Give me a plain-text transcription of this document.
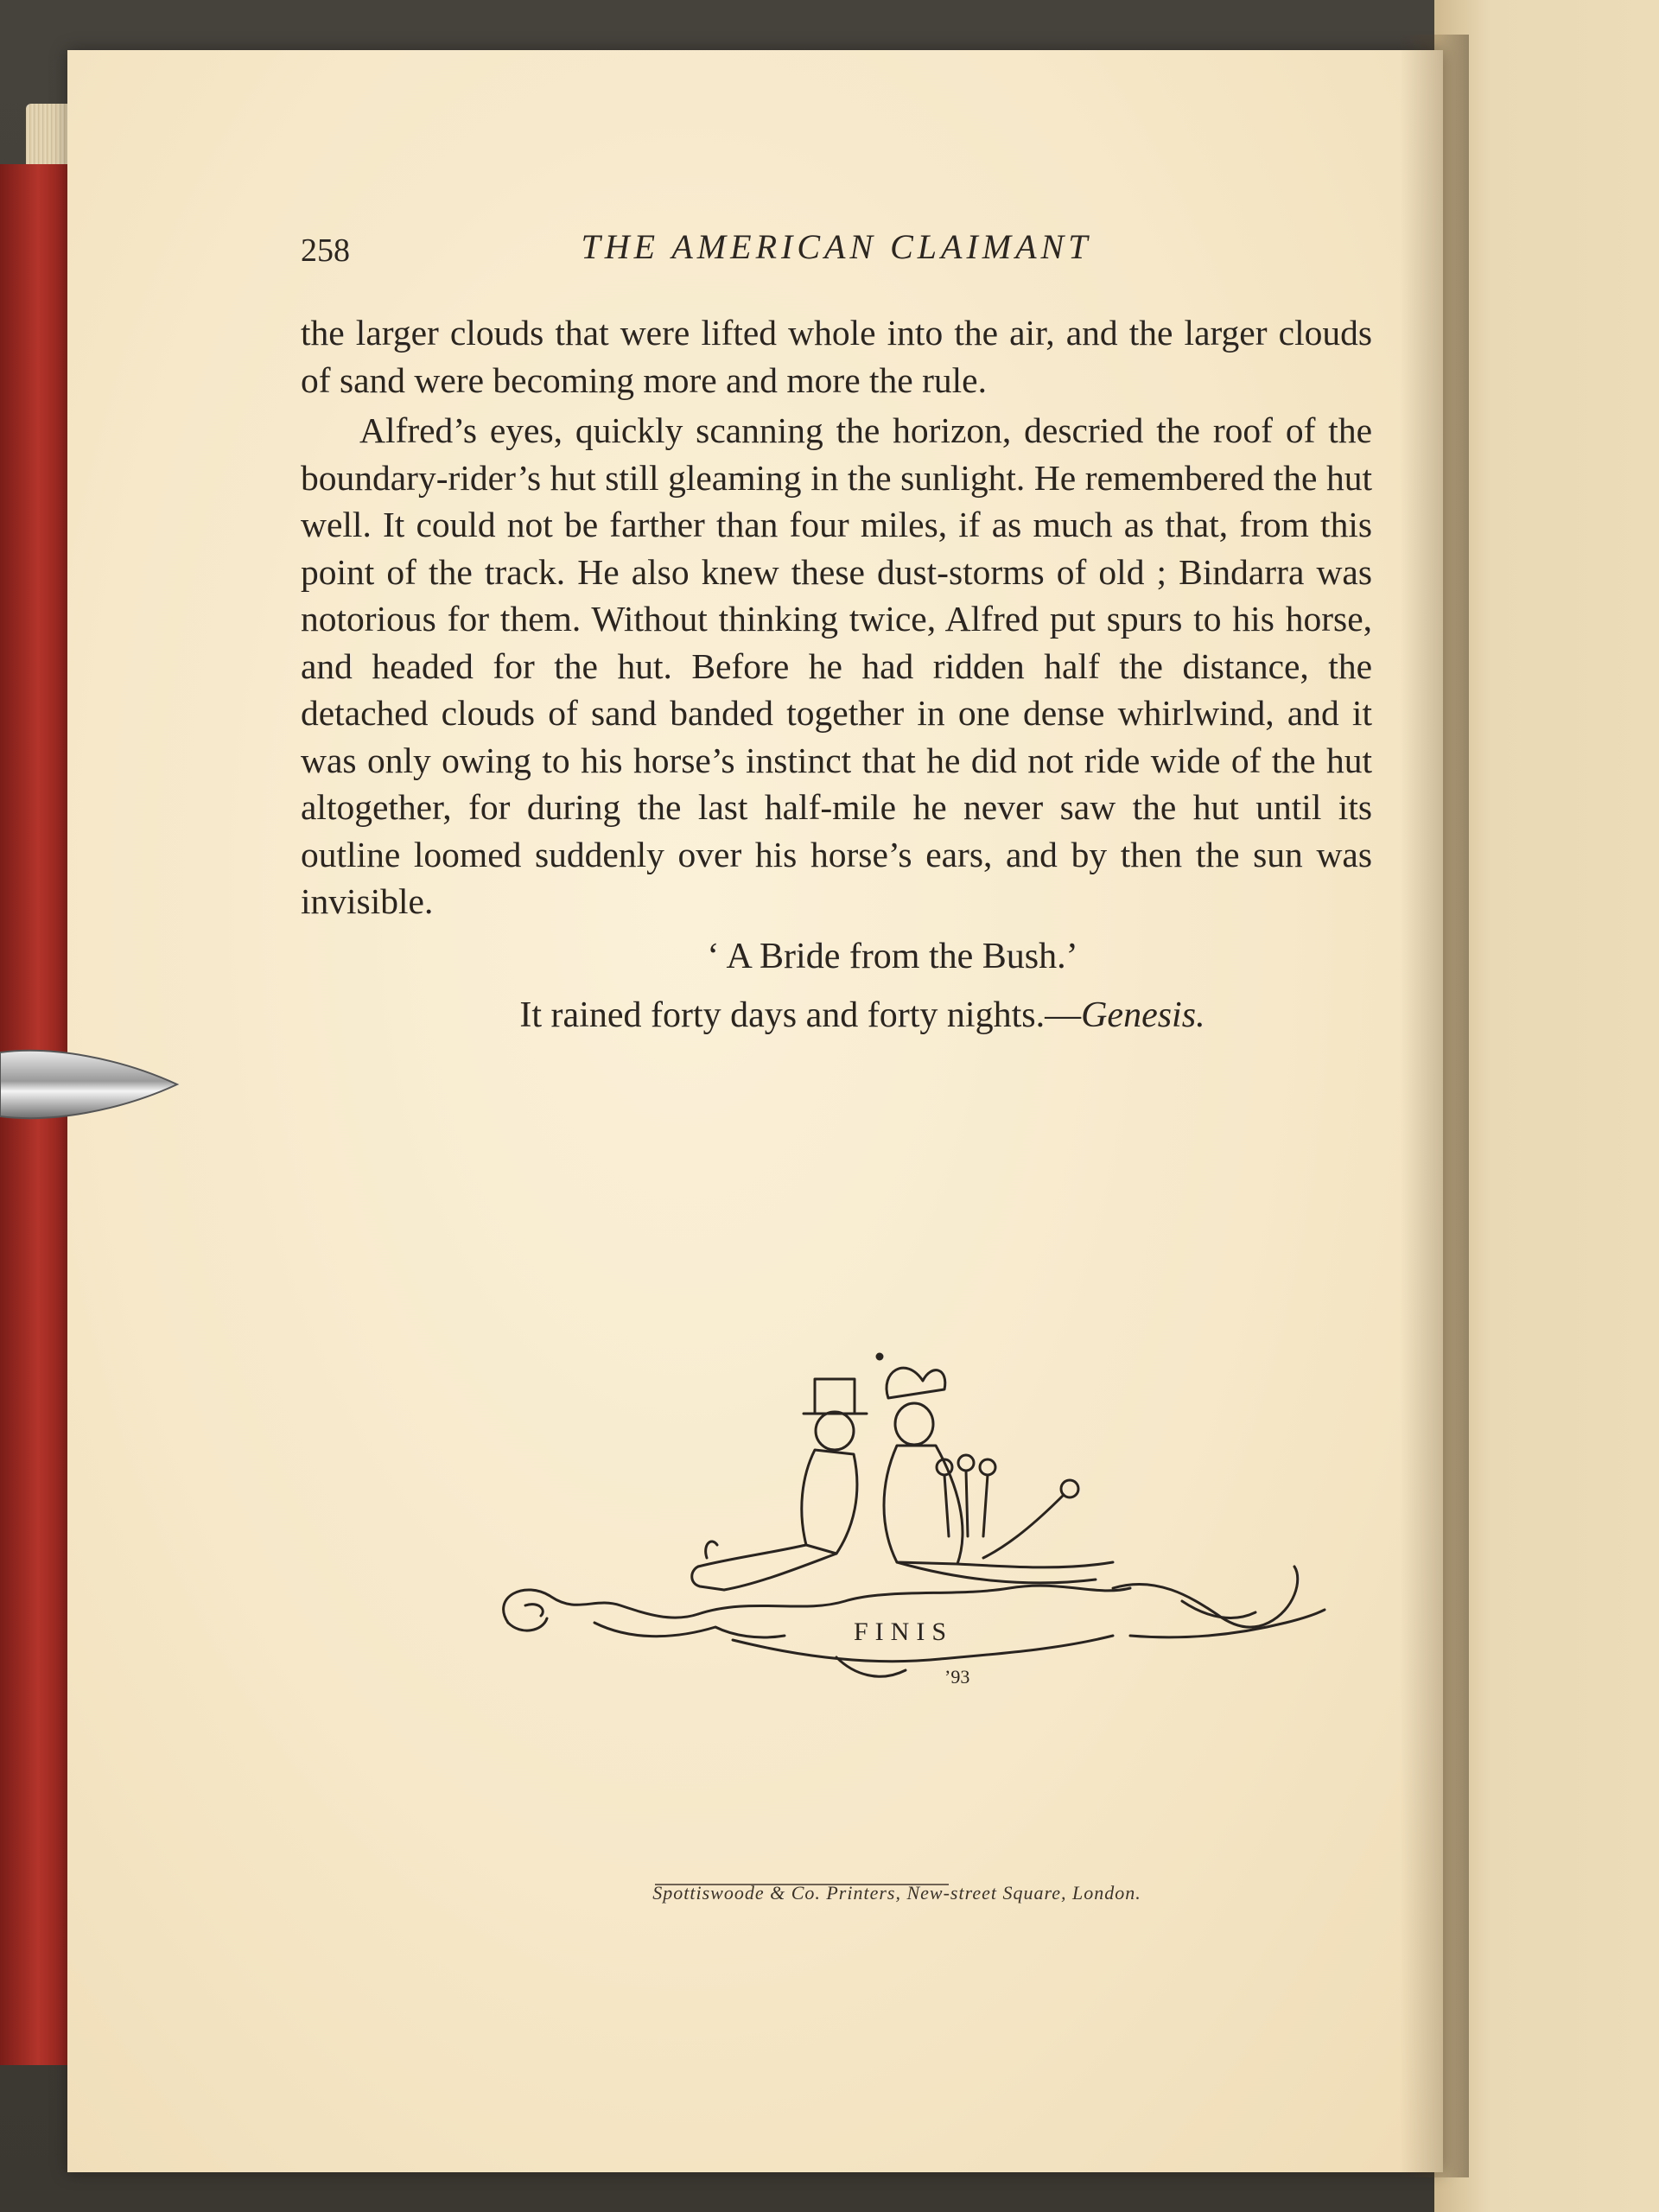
258	THE AMERICAN CLAIMANT

the larger clouds that were lifted whole into the air, and the larger clouds of sand were becoming more and more the rule.

Alfred’s eyes, quickly scanning the horizon, descried the roof of the boundary-rider’s hut still gleaming in the sunlight. He remembered the hut well. It could not be farther than four miles, if as much as that, from this point of the track. He also knew these dust-storms of old ; Bindarra was notorious for them. Without thinking twice, Alfred put spurs to his horse, and headed for the hut. Before he had ridden half the distance, the detached clouds of sand banded together in one dense whirlwind, and it was only owing to his horse’s instinct that he did not ride wide of the hut altogether, for during the last half-mile he never saw the hut until its outline loomed suddenly over his horse’s ears, and by then the sun was invisible.

‘ A Bride from the Bush.’
It rained forty days and forty nights.—Genesis.
FINIS
’93
Spottiswoode & Co. Printers, New-street Square, London.
